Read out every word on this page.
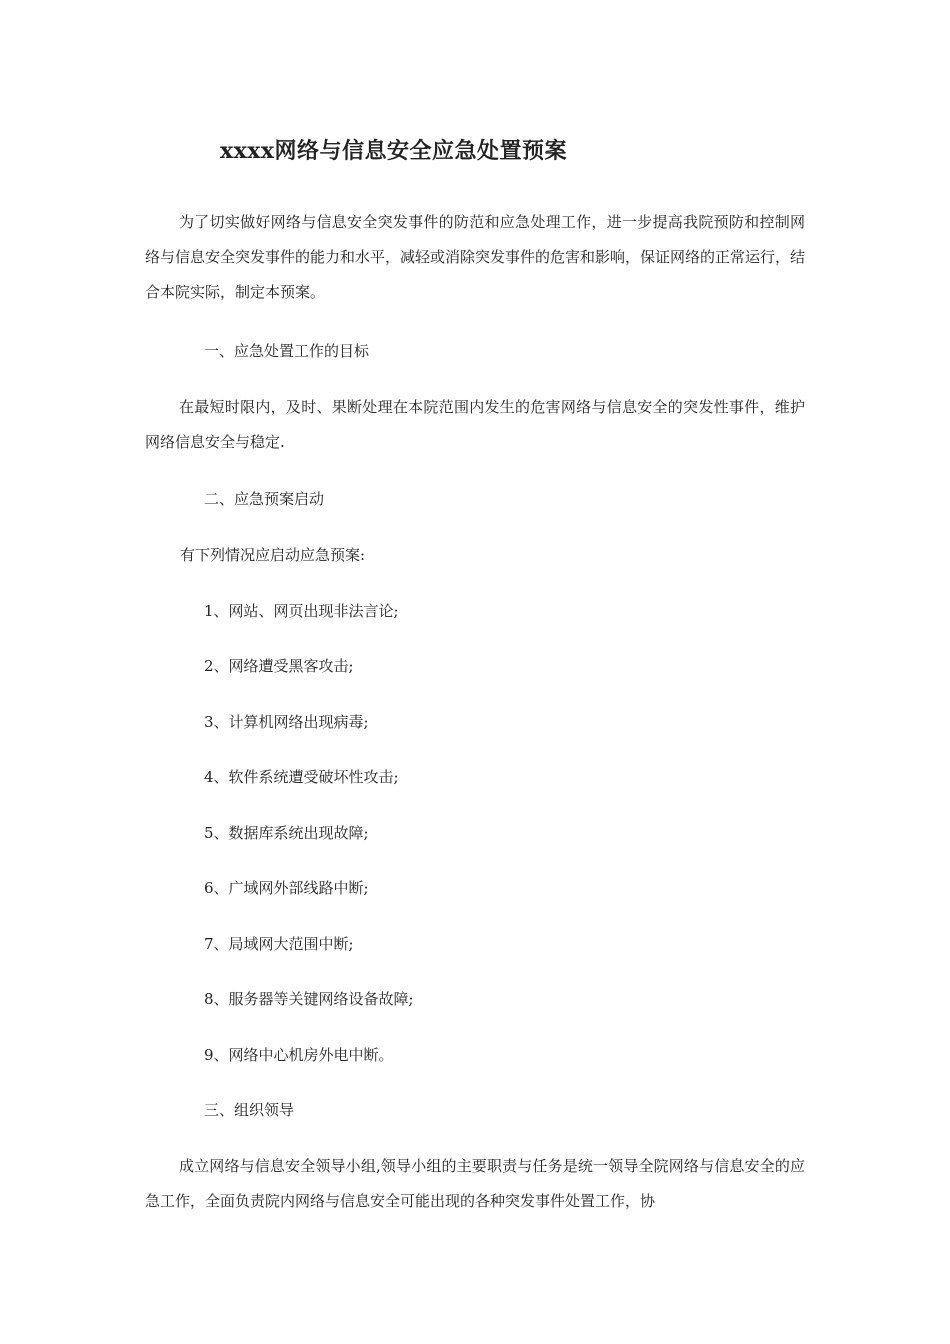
xxxx网络与信息安全应急处置预案
为了切实做好网络与信息安全突发事件的防范和应急处理工作，进一步提高我院预防和控制网络与信息安全突发事件的能力和水平，减轻或消除突发事件的危害和影响，保证网络的正常运行，结合本院实际，制定本预案。
一、应急处置工作的目标
在最短时限内，及时、果断处理在本院范围内发生的危害网络与信息安全的突发性事件，维护网络信息安全与稳定.
二、应急预案启动
有下列情况应启动应急预案:
1、网站、网页出现非法言论;
2、网络遭受黑客攻击;
3、计算机网络出现病毒;
4、软件系统遭受破坏性攻击;
5、数据库系统出现故障;
6、广域网外部线路中断;
7、局域网大范围中断;
8、服务器等关键网络设备故障;
9、网络中心机房外电中断。
三、组织领导
成立网络与信息安全领导小组,领导小组的主要职责与任务是统一领导全院网络与信息安全的应急工作，全面负责院内网络与信息安全可能出现的各种突发事件处置工作，协
